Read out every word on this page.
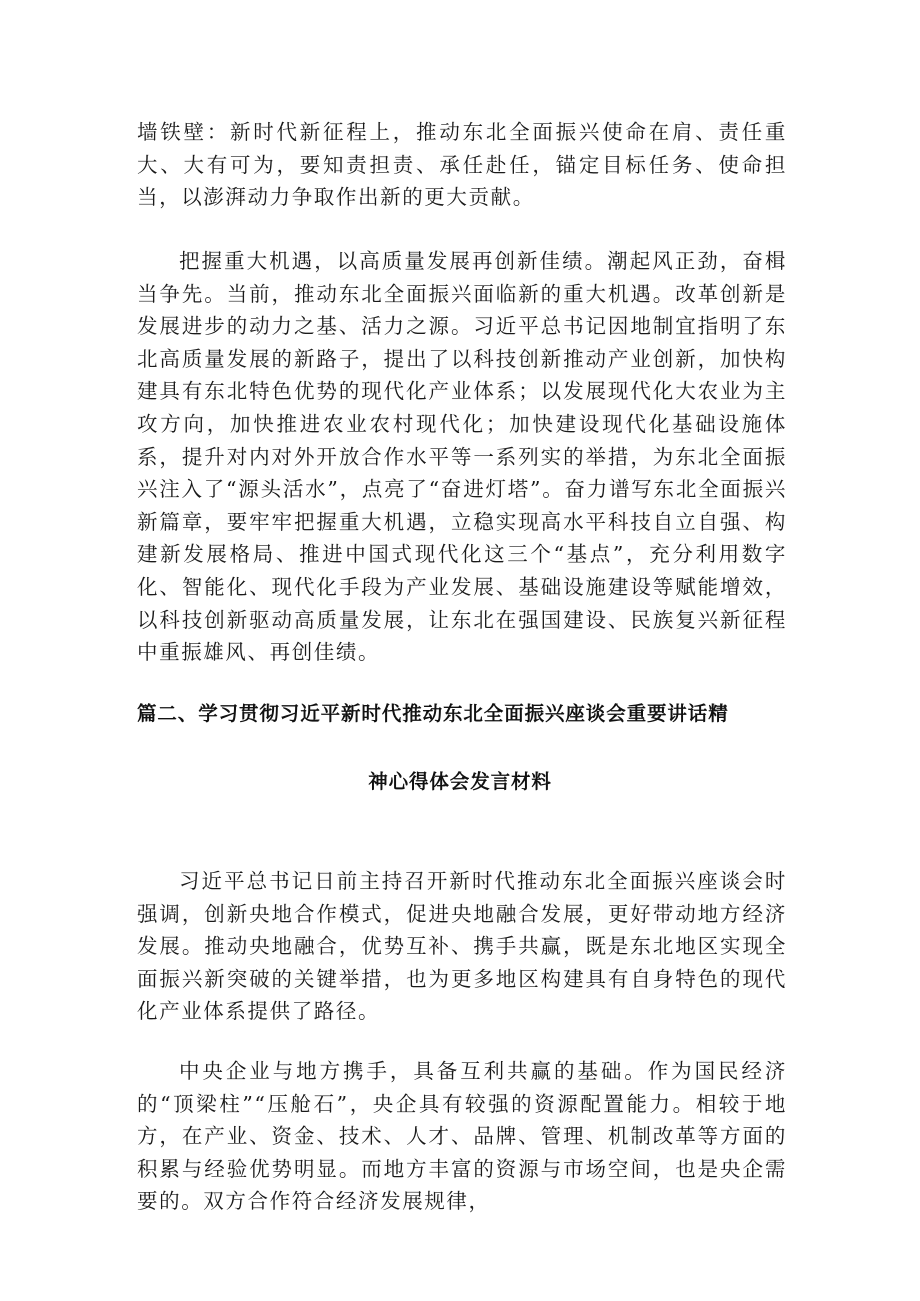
墙铁壁：新时代新征程上，推动东北全面振兴使命在肩、责任重大、大有可为，要知责担责、承任赴任，锚定目标任务、使命担当，以澎湃动力争取作出新的更大贡献。

把握重大机遇，以高质量发展再创新佳绩。潮起风正劲，奋楫当争先。当前，推动东北全面振兴面临新的重大机遇。改革创新是发展进步的动力之基、活力之源。习近平总书记因地制宜指明了东北高质量发展的新路子，提出了以科技创新推动产业创新，加快构建具有东北特色优势的现代化产业体系；以发展现代化大农业为主攻方向，加快推进农业农村现代化；加快建设现代化基础设施体系，提升对内对外开放合作水平等一系列实的举措，为东北全面振兴注入了“源头活水”，点亮了“奋进灯塔”。奋力谱写东北全面振兴新篇章，要牢牢把握重大机遇，立稳实现高水平科技自立自强、构建新发展格局、推进中国式现代化这三个“基点”，充分利用数字化、智能化、现代化手段为产业发展、基础设施建设等赋能增效，以科技创新驱动高质量发展，让东北在强国建设、民族复兴新征程中重振雄风、再创佳绩。

篇二、学习贯彻习近平新时代推动东北全面振兴座谈会重要讲话精
神心得体会发言材料

习近平总书记日前主持召开新时代推动东北全面振兴座谈会时强调，创新央地合作模式，促进央地融合发展，更好带动地方经济发展。推动央地融合，优势互补、携手共赢，既是东北地区实现全面振兴新突破的关键举措，也为更多地区构建具有自身特色的现代化产业体系提供了路径。

中央企业与地方携手，具备互利共赢的基础。作为国民经济的“顶梁柱”“压舱石”，央企具有较强的资源配置能力。相较于地方，在产业、资金、技术、人才、品牌、管理、机制改革等方面的积累与经验优势明显。而地方丰富的资源与市场空间，也是央企需要的。双方合作符合经济发展规律，
